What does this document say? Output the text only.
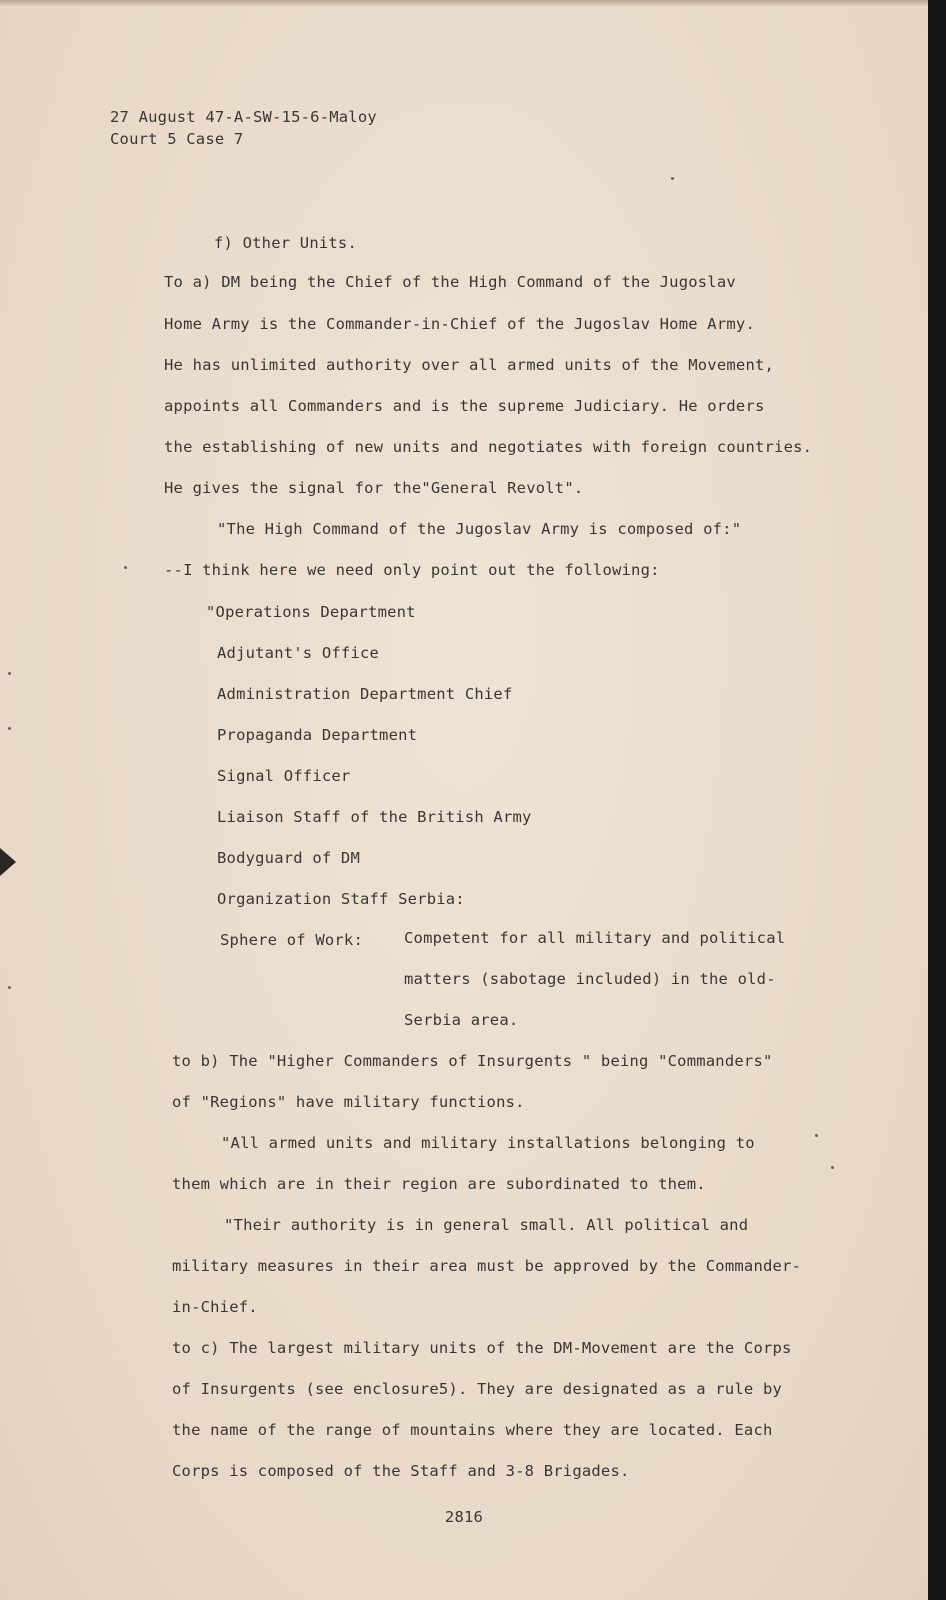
27 August 47-A-SW-15-6-Maloy
Court 5 Case 7
f) Other Units.
To a) DM being the Chief of the High Command of the Jugoslav
Home Army is the Commander-in-Chief of the Jugoslav Home Army.
He has unlimited authority over all armed units of the Movement,
appoints all Commanders and is the supreme Judiciary. He orders
the establishing of new units and negotiates with foreign countries.
He gives the signal for the"General Revolt".
"The High Command of the Jugoslav Army is composed of:"
--I think here we need only point out the following:
"Operations Department
Adjutant's Office
Administration Department Chief
Propaganda Department
Signal Officer
Liaison Staff of the British Army
Bodyguard of DM
Organization Staff Serbia:
Sphere of Work:	Competent for all military and political
matters (sabotage included) in the old-
Serbia area.
to b) The "Higher Commanders of Insurgents " being "Commanders"
of "Regions" have military functions.
"All armed units and military installations belonging to
them which are in their region are subordinated to them.
"Their authority is in general small. All political and
military measures in their area must be approved by the Commander-
in-Chief.
to c) The largest military units of the DM-Movement are the Corps
of Insurgents (see enclosure5). They are designated as a rule by
the name of the range of mountains where they are located. Each
Corps is composed of the Staff and 3-8 Brigades.
2816
